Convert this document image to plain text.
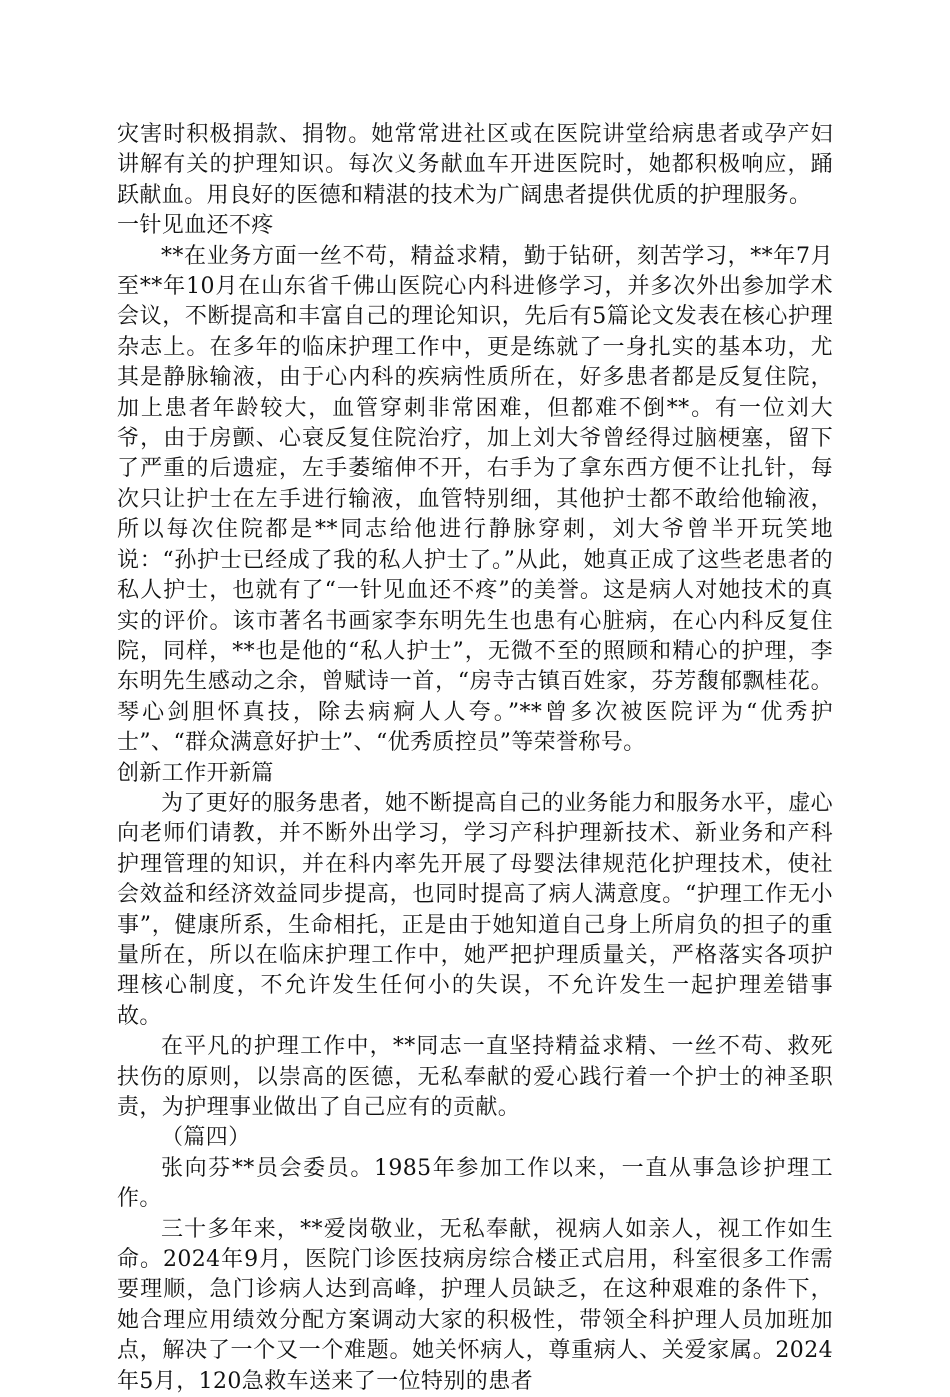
灾害时积极捐款、捐物。她常常进社区或在医院讲堂给病患者或孕产妇讲解有关的护理知识。每次义务献血车开进医院时，她都积极响应，踊跃献血。用良好的医德和精湛的技术为广阔患者提供优质的护理服务。

一针见血还不疼

**在业务方面一丝不苟，精益求精，勤于钻研，刻苦学习，**年7月至**年10月在山东省千佛山医院心内科进修学习，并多次外出参加学术会议，不断提高和丰富自己的理论知识，先后有5篇论文发表在核心护理杂志上。在多年的临床护理工作中，更是练就了一身扎实的基本功，尤其是静脉输液，由于心内科的疾病性质所在，好多患者都是反复住院，加上患者年龄较大，血管穿刺非常困难，但都难不倒**。有一位刘大爷，由于房颤、心衰反复住院治疗，加上刘大爷曾经得过脑梗塞，留下了严重的后遗症，左手萎缩伸不开，右手为了拿东西方便不让扎针，每次只让护士在左手进行输液，血管特别细，其他护士都不敢给他输液，所以每次住院都是**同志给他进行静脉穿刺，刘大爷曾半开玩笑地说：“孙护士已经成了我的私人护士了。”从此，她真正成了这些老患者的私人护士，也就有了“一针见血还不疼”的美誉。这是病人对她技术的真实的评价。该市著名书画家李东明先生也患有心脏病，在心内科反复住院，同样，**也是他的“私人护士”，无微不至的照顾和精心的护理，李东明先生感动之余，曾赋诗一首，“房寺古镇百姓家，芬芳馥郁飘桂花。琴心剑胆怀真技，除去病痾人人夸。”**曾多次被医院评为“优秀护士”、“群众满意好护士”、“优秀质控员”等荣誉称号。

创新工作开新篇

为了更好的服务患者，她不断提高自己的业务能力和服务水平，虚心向老师们请教，并不断外出学习，学习产科护理新技术、新业务和产科护理管理的知识，并在科内率先开展了母婴法律规范化护理技术，使社会效益和经济效益同步提高，也同时提高了病人满意度。“护理工作无小事”，健康所系，生命相托，正是由于她知道自己身上所肩负的担子的重量所在，所以在临床护理工作中，她严把护理质量关，严格落实各项护理核心制度，不允许发生任何小的失误，不允许发生一起护理差错事故。

在平凡的护理工作中，**同志一直坚持精益求精、一丝不苟、救死扶伤的原则，以崇高的医德，无私奉献的爱心践行着一个护士的神圣职责，为护理事业做出了自己应有的贡献。

（篇四）

张向芬**员会委员。1985年参加工作以来，一直从事急诊护理工作。

三十多年来，**爱岗敬业，无私奉献，视病人如亲人，视工作如生命。2024年9月，医院门诊医技病房综合楼正式启用，科室很多工作需要理顺，急门诊病人达到高峰，护理人员缺乏，在这种艰难的条件下，她合理应用绩效分配方案调动大家的积极性，带领全科护理人员加班加点，解决了一个又一个难题。她关怀病人，尊重病人、关爱家属。2024年5月，120急救车送来了一位特别的患者
